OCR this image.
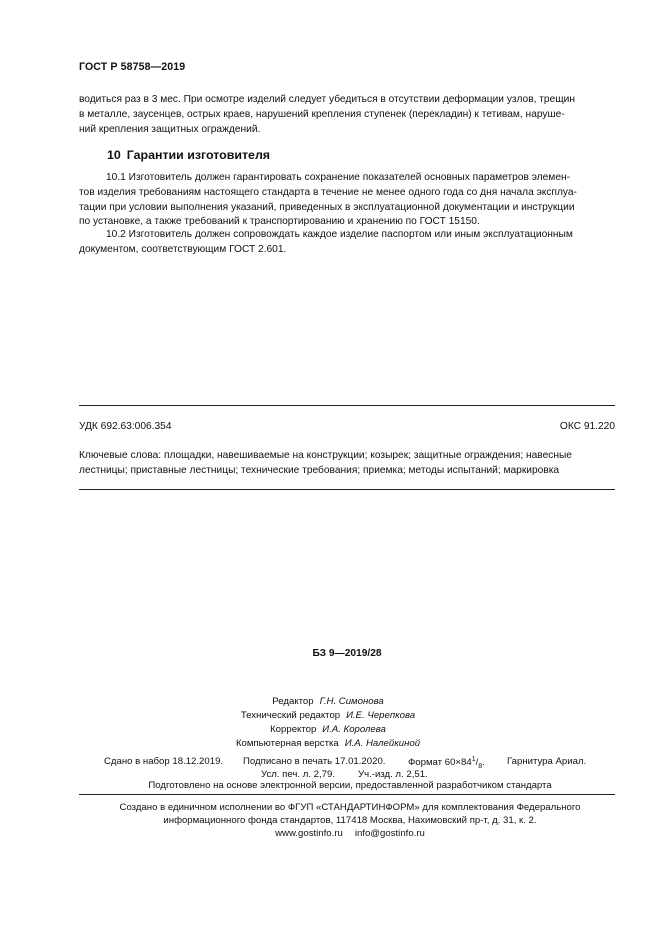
ГОСТ Р 58758—2019

водиться раз в 3 мес. При осмотре изделий следует убедиться в отсутствии деформации узлов, трещин

в металле, заусенцев, острых краев, нарушений крепления ступенек (перекладин) к тетивам, наруше-

ний крепления защитных ограждений.

10 Гарантии изготовителя

10.1 Изготовитель должен гарантировать сохранение показателей основных параметров элемен-

тов изделия требованиям настоящего стандарта в течение не менее одного года со дня начала эксплуа-

тации при условии выполнения указаний, приведенных в эксплуатационной документации и инструкции

по установке, а также требований к транспортированию и хранению по ГОСТ 15150.

10.2 Изготовитель должен сопровождать каждое изделие паспортом или иным эксплуатационным

документом, соответствующим ГОСТ 2.601.

УДК 692.63:006.354	ОКС 91.220

Ключевые слова: площадки, навешиваемые на конструкции; козырек; защитные ограждения; навесные

лестницы; приставные лестницы; технические требования; приемка; методы испытаний; маркировка

БЗ 9—2019/28
Редактор Г.Н. Симонова
Технический редактор И.Е. Черепкова
Корректор И.А. Королева
Компьютерная верстка И.А. Налейкиной
Сдано в набор 18.12.2019. Подписано в печать 17.01.2020. Формат $60\times 84^1/_8$. Гарнитура Ариал.
Усл. печ. л. 2,79. Уч.-изд. л. 2,51.
Подготовлено на основе электронной версии, предоставленной разработчиком стандарта
Создано в единичном исполнении во ФГУП «СТАНДАРТИНФОРМ» для комплектования Федерального
информационного фонда стандартов, 117418 Москва, Нахимовский пр-т, д. 31, к. 2.
www.gostinfo.ru info@gostinfo.ru
